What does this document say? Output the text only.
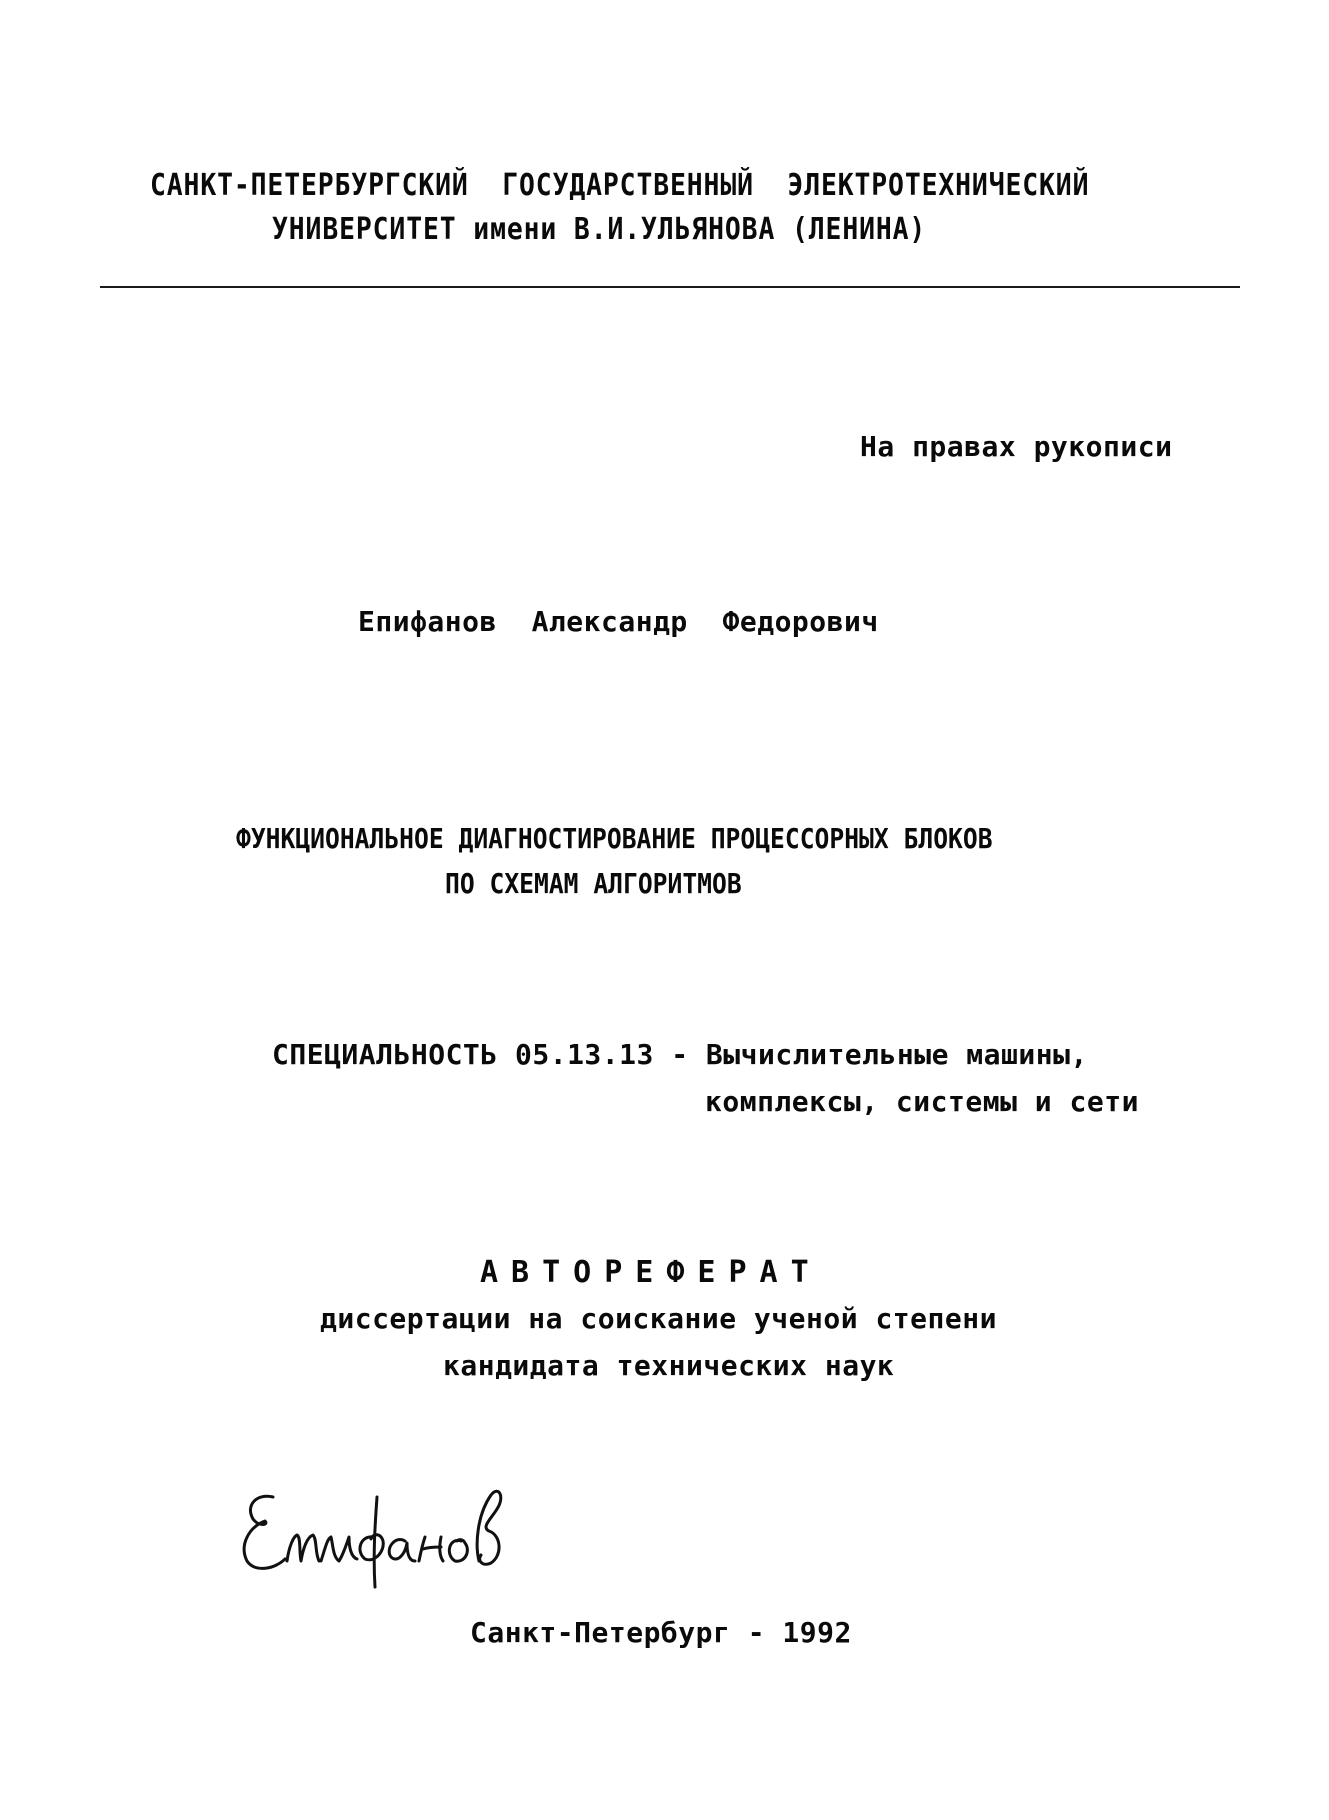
САНКТ-ПЕТЕРБУРГСКИЙ  ГОСУДАРСТВЕННЫЙ  ЭЛЕКТРОТЕХНИЧЕСКИЙ
УНИВЕРСИТЕТ имени В.И.УЛЬЯНОВА (ЛЕНИНА)
На правах рукописи
Епифанов  Александр  Федорович
ФУНКЦИОНАЛЬНОЕ ДИАГНОСТИРОВАНИЕ ПРОЦЕССОРНЫХ БЛОКОВ
ПО СХЕМАМ АЛГОРИТМОВ
СПЕЦИАЛЬНОСТЬ 05.13.13 - Вычислительные машины,
комплексы, системы и сети
АВТОРЕФЕРАТ
диссертации на соискание ученой степени
кандидата технических наук
Санкт-Петербург - 1992
